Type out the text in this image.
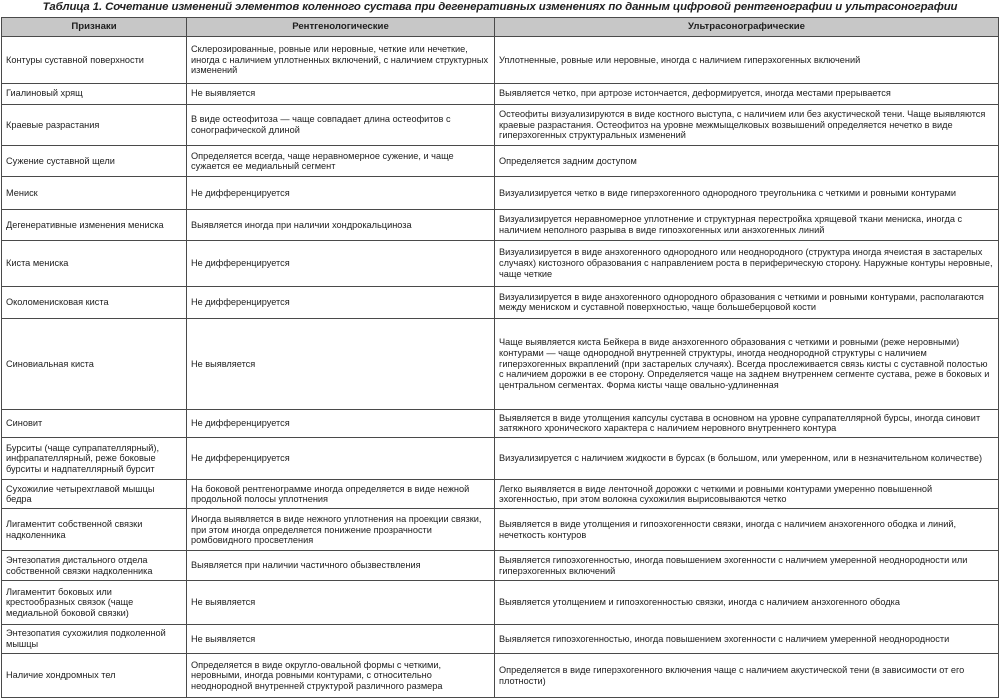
Таблица 1. Сочетание изменений элементов коленного сустава при дегенеративных изменениях по данным цифровой рентгенографии и ультрасонографии
Признаки	Рентгенологические	Ультрасонографические
Контуры суставной поверхности	Склерозированные, ровные или неровные, четкие или нечеткие, иногда с наличием уплотненных включений, с наличием структурных изменений	Уплотненные, ровные или неровные, иногда с наличием гиперэхогенных включений
Гиалиновый хрящ	Не выявляется	Выявляется четко, при артрозе истончается, деформируется, иногда местами прерывается
Краевые разрастания	В виде остеофитоза — чаще совпадает длина остеофитов с сонографической длиной	Остеофиты визуализируются в виде костного выступа, с наличием или без акустической тени. Чаще выявляются краевые разрастания. Остеофитоз на уровне межмыщелковых возвышений определяется нечетко в виде гиперэхогенных структуральных изменений
Сужение суставной щели	Определяется всегда, чаще неравномерное сужение, и чаще сужается ее медиальный сегмент	Определяется задним доступом
Мениск	Не дифференцируется	Визуализируется четко в виде гиперэхогенного однородного треугольника с четкими и ровными контурами
Дегенеративные изменения мениска	Выявляется иногда при наличии хондрокальциноза	Визуализируется неравномерное уплотнение и структурная перестройка хрящевой ткани мениска, иногда с наличием неполного разрыва в виде гипоэхогенных или анэхогенных линий
Киста мениска	Не дифференцируется	Визуализируется в виде анэхогенного однородного или неоднородного (структура иногда ячеистая в застарелых случаях) кистозного образования с направлением роста в периферическую сторону. Наружные контуры неровные, чаще четкие
Околоменисковая киста	Не дифференцируется	Визуализируется в виде анэхогенного однородного образования с четкими и ровными контурами, располагаются между мениском и суставной поверхностью, чаще большеберцовой кости
Синовиальная киста	Не выявляется	Чаще выявляется киста Бейкера в виде анэхогенного образования с четкими и ровными (реже неровными) контурами — чаще однородной внутренней структуры, иногда неоднородной структуры с наличием гиперэхогенных вкраплений (при застарелых случаях). Всегда прослеживается связь кисты с суставной полостью с наличием дорожки в ее сторону. Определяется чаще на заднем внутреннем сегменте сустава, реже в боковых и центральном сегментах. Форма кисты чаще овально-удлиненная
Синовит	Не дифференцируется	Выявляется в виде утолщения капсулы сустава в основном на уровне супрапателлярной бурсы, иногда синовит затяжного хронического характера с наличием неровного внутреннего контура
Бурситы (чаще супрапателлярный), инфрапателлярный, реже боковые бурситы и надпателлярный бурсит	Не дифференцируется	Визуализируется с наличием жидкости в бурсах (в большом, или умеренном, или в незначительном количестве)
Сухожилие четырехглавой мышцы бедра	На боковой рентгенограмме иногда определяется в виде нежной продольной полосы уплотнения	Легко выявляется в виде ленточной дорожки с четкими и ровными контурами умеренно повышенной эхогенностью, при этом волокна сухожилия вырисовываются четко
Лигаментит собственной связки надколенника	Иногда выявляется в виде нежного уплотнения на проекции связки, при этом иногда определяется понижение прозрачности ромбовидного просветления	Выявляется в виде утолщения и гипоэхогенности связки, иногда с наличием анэхогенного ободка и линий, нечеткость контуров
Энтезопатия дистального отдела собственной связки надколенника	Выявляется при наличии частичного обызвествления	Выявляется гипоэхогенностью, иногда повышением эхогенности с наличием умеренной неоднородности или гиперэхогенных включений
Лигаментит боковых или крестообразных связок (чаще медиальной боковой связки)	Не выявляется	Выявляется утолщением и гипоэхогенностью связки, иногда с наличием анэхогенного ободка
Энтезопатия сухожилия подколенной мышцы	Не выявляется	Выявляется гипоэхогенностью, иногда повышением эхогенности с наличием умеренной неоднородности
Наличие хондромных тел	Определяется в виде округло-овальной формы с четкими, неровными, иногда ровными контурами, с относительно неоднородной внутренней структурой различного размера	Определяется в виде гиперэхогенного включения чаще с наличием акустической тени (в зависимости от его плотности)
